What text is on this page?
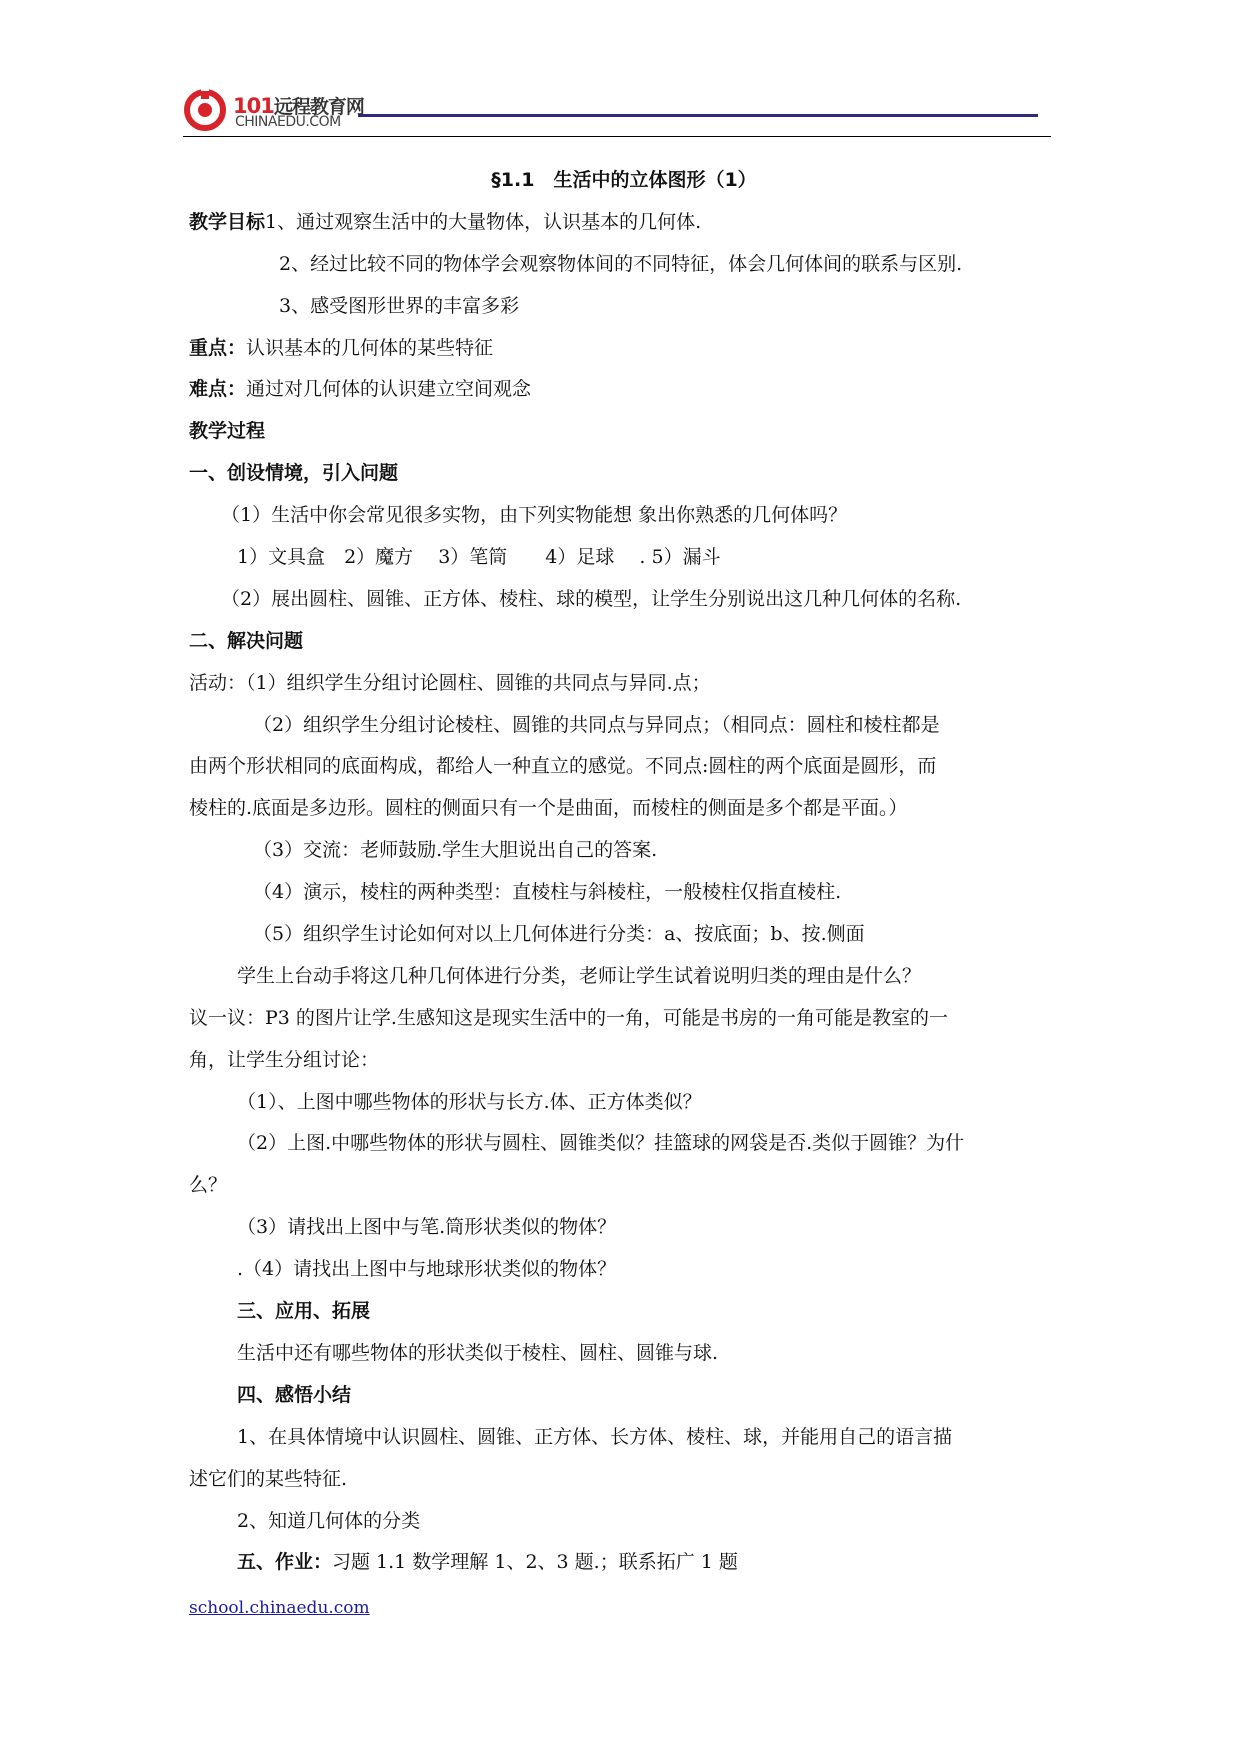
101远程教育网
CHINAEDU.COM
§1.1　生活中的立体图形（1）
教学目标1、通过观察生活中的大量物体，认识基本的几何体.
2、经过比较不同的物体学会观察物体间的不同特征，体会几何体间的联系与区别.
3、感受图形世界的丰富多彩
重点：认识基本的几何体的某些特征
难点：通过对几何体的认识建立空间观念
教学过程
一、创设情境，引入问题
（1）生活中你会常见很多实物，由下列实物能想 象出你熟悉的几何体吗？
1）文具盒　2）魔方　 3）笔筒　　4）足球　 . 5）漏斗
（2）展出圆柱、圆锥、正方体、棱柱、球的模型，让学生分别说出这几种几何体的名称.
二、解决问题
活动：（1）组织学生分组讨论圆柱、圆锥的共同点与异同.点；
（2）组织学生分组讨论棱柱、圆锥的共同点与异同点；（相同点：圆柱和棱柱都是
由两个形状相同的底面构成，都给人一种直立的感觉。不同点:圆柱的两个底面是圆形，而
棱柱的.底面是多边形。圆柱的侧面只有一个是曲面，而棱柱的侧面是多个都是平面。）
（3）交流：老师鼓励.学生大胆说出自己的答案.
（4）演示，棱柱的两种类型：直棱柱与斜棱柱，一般棱柱仅指直棱柱.
（5）组织学生讨论如何对以上几何体进行分类：a、按底面；b、按.侧面
学生上台动手将这几种几何体进行分类，老师让学生试着说明归类的理由是什么？
议一议：P3 的图片让学.生感知这是现实生活中的一角，可能是书房的一角可能是教室的一
角，让学生分组讨论：
（1）、上图中哪些物体的形状与长方.体、正方体类似？
（2）上图.中哪些物体的形状与圆柱、圆锥类似？挂篮球的网袋是否.类似于圆锥？为什
么？
（3）请找出上图中与笔.筒形状类似的物体？
.（4）请找出上图中与地球形状类似的物体？
三、应用、拓展
生活中还有哪些物体的形状类似于棱柱、圆柱、圆锥与球.
四、感悟小结
1、在具体情境中认识圆柱、圆锥、正方体、长方体、棱柱、球，并能用自己的语言描
述它们的某些特征.
2、知道几何体的分类
五、作业：习题 1.1 数学理解 1、2、3 题.；联系拓广 1 题
school.chinaedu.com
